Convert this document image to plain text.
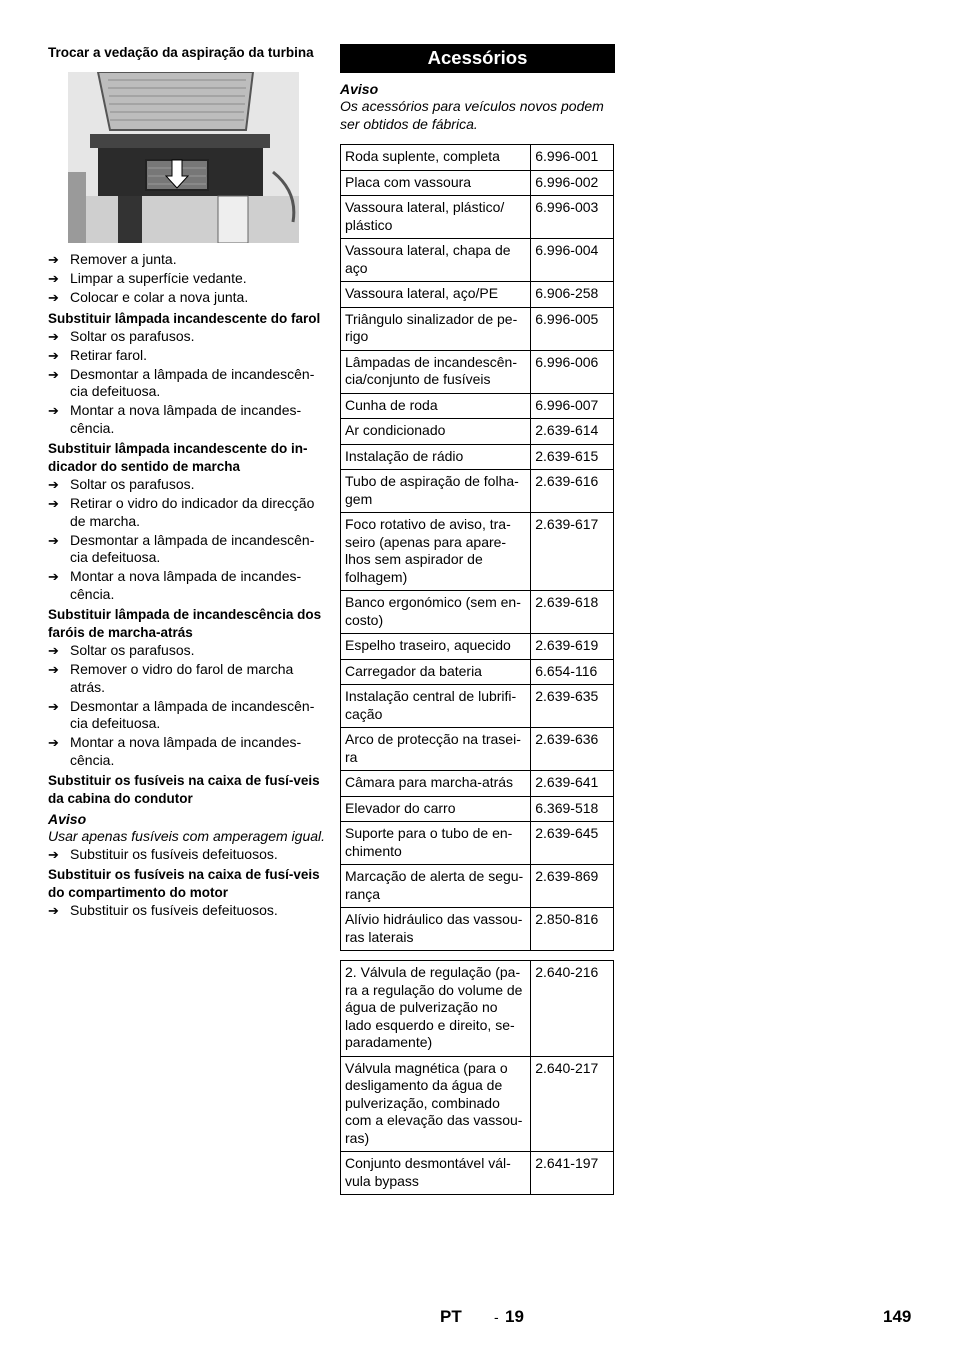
Trocar a vedação da aspiração da turbina

➔ Remover a junta.
➔ Limpar a superfície vedante.
➔ Colocar e colar a nova junta.

Substituir lâmpada incandescente do farol

➔ Soltar os parafusos.
➔ Retirar farol.
➔ Desmontar a lâmpada de incandescên-cia defeituosa.
➔ Montar a nova lâmpada de incandes-cência.

Substituir lâmpada incandescente do in-dicador do sentido de marcha

➔ Soltar os parafusos.
➔ Retirar o vidro do indicador da direcção de marcha.
➔ Desmontar a lâmpada de incandescên-cia defeituosa.
➔ Montar a nova lâmpada de incandes-cência.

Substituir lâmpada de incandescência dos faróis de marcha-atrás

➔ Soltar os parafusos.
➔ Remover o vidro do farol de marcha atrás.
➔ Desmontar a lâmpada de incandescên-cia defeituosa.
➔ Montar a nova lâmpada de incandes-cência.

Substituir os fusíveis na caixa de fusí-veis da cabina do condutor

Aviso

Usar apenas fusíveis com amperagem igual.

➔ Substituir os fusíveis defeituosos.

Substituir os fusíveis na caixa de fusí-veis do compartimento do motor

➔ Substituir os fusíveis defeituosos.
Acessórios

Aviso

Os acessórios para veículos novos podem ser obtidos de fábrica.

Roda suplente, completa	6.996-001
Placa com vassoura	6.996-002
Vassoura lateral, plástico/ plástico	6.996-003
Vassoura lateral, chapa de aço	6.996-004
Vassoura lateral, aço/PE	6.906-258
Triângulo sinalizador de pe-rigo	6.996-005
Lâmpadas de incandescên-cia/conjunto de fusíveis	6.996-006
Cunha de roda	6.996-007
Ar condicionado	2.639-614
Instalação de rádio	2.639-615
Tubo de aspiração de folha-gem	2.639-616
Foco rotativo de aviso, tra-seiro (apenas para apare-lhos sem aspirador de folhagem)	2.639-617
Banco ergonómico (sem en-costo)	2.639-618
Espelho traseiro, aquecido	2.639-619
Carregador da bateria	6.654-116
Instalação central de lubrifi-cação	2.639-635
Arco de protecção na trasei-ra	2.639-636
Câmara para marcha-atrás	2.639-641
Elevador do carro	6.369-518
Suporte para o tubo de en-chimento	2.639-645
Marcação de alerta de segu-rança	2.639-869
Alívio hidráulico das vassou-ras laterais	2.850-816
2. Válvula de regulação (pa-ra a regulação do volume de água de pulverização no lado esquerdo e direito, se-paradamente)	2.640-216
Válvula magnética (para o desligamento da água de pulverização, combinado com a elevação das vassou-ras)	2.640-217
Conjunto desmontável vál-vula bypass	2.641-197
PT - 19	149
